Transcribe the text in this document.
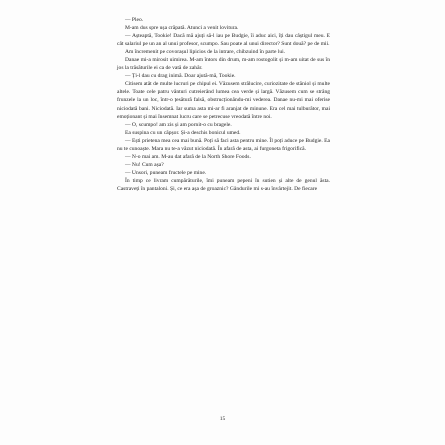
— Pleo.

M-am dus spre ușa crăpată. Atunci a venit lovitura.

— Așteaptă, Tookie! Dacă mă ajuți să-l iau pe Budgie, îi aduc aici, îți dau câștigul meu. E cât salariul pe un an al unui profesor, scumpo. Sau poate al unui director? Sunt două? pe de mii.

Am încremenit pe covorașul lipicios de la intrare, chibzuind în parte lui.

Danae mi-a mirosit uimirea. M-am întors din drum, m-am rostogolit și m-am uitat de sus în jos la trăsăturile ei ca de vată de zahăr.

— Ți-l dau cu drag inimă. Doar ajută-mă, Tookie.

Citisem atât de multe lucruri pe chipul ei. Văzusem strălucire, curiozitate de stăniol și multe altele. Toate cele patru vânturi cutreierând lumea cea verde și largă. Văzusem cum se strâng frunzele la un loc, într-o țesătură falsă, obstrucționându-mi vederea. Danae nu-mi mai oferise niciodată bani. Niciodată. Iar suma asta mi-ar fi aranjat de minune. Era cel mai tulburător, mai emoționant și mai însemnat lucru care se petrecuse vreodată între noi.

— O, scumpo! am zis și am pornit-o cu bragele.

Ea suspina cu un căpșor. Și-a deschis bonicul umed.

— Ești prietena mea cea mai bună. Poți să faci asta pentru mine. Îl poți aduce pe Budgie. Ea nu te cunoaște. Mara nu te-a văzut niciodată. În afară de asta, ai furgoneta frigorifică.

— N-o mai am. M-au dat afară de la North Shore Foods.

— Nu! Cum așa?

— Unsori, puneam fructele pe mine.

În timp ce livram cumpărăturile, îmi puneam pepeni în sutien și alte de genul ăsta. Castraveți în pantaloni. Și, ce era așa de groaznic? Gândurile mi s-au învârtejit. De fiecare

15
